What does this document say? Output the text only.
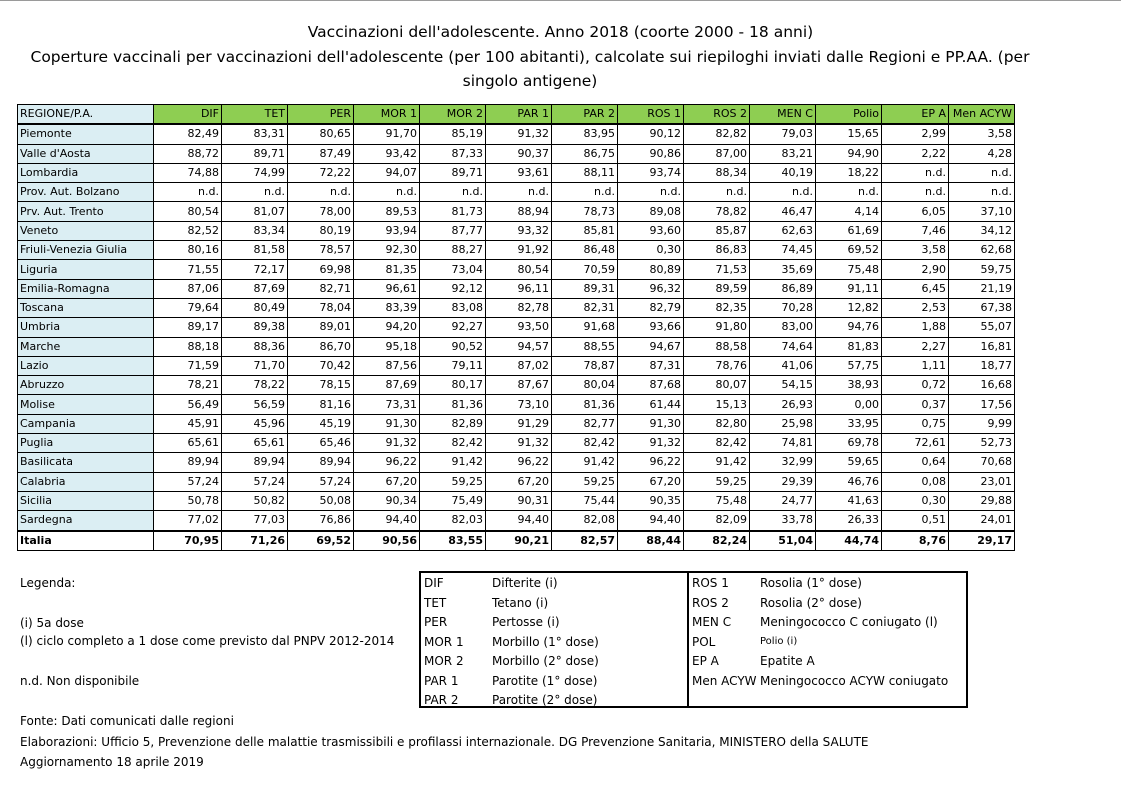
Vaccinazioni dell'adolescente. Anno 2018 (coorte 2000 - 18 anni)
Coperture vaccinali per vaccinazioni dell'adolescente (per 100 abitanti), calcolate sui riepiloghi inviati dalle Regioni e PP.AA. (per singolo antigene)
REGIONE/P.A.	DIF	TET	PER	MOR 1	MOR 2	PAR 1	PAR 2	ROS 1	ROS 2	MEN C	Polio	EP A	Men ACYW
Piemonte	82,49	83,31	80,65	91,70	85,19	91,32	83,95	90,12	82,82	79,03	15,65	2,99	3,58
Valle d'Aosta	88,72	89,71	87,49	93,42	87,33	90,37	86,75	90,86	87,00	83,21	94,90	2,22	4,28
Lombardia	74,88	74,99	72,22	94,07	89,71	93,61	88,11	93,74	88,34	40,19	18,22	n.d.	n.d.
Prov. Aut. Bolzano	n.d.	n.d.	n.d.	n.d.	n.d.	n.d.	n.d.	n.d.	n.d.	n.d.	n.d.	n.d.	n.d.
Prv. Aut. Trento	80,54	81,07	78,00	89,53	81,73	88,94	78,73	89,08	78,82	46,47	4,14	6,05	37,10
Veneto	82,52	83,34	80,19	93,94	87,77	93,32	85,81	93,60	85,87	62,63	61,69	7,46	34,12
Friuli-Venezia Giulia	80,16	81,58	78,57	92,30	88,27	91,92	86,48	0,30	86,83	74,45	69,52	3,58	62,68
Liguria	71,55	72,17	69,98	81,35	73,04	80,54	70,59	80,89	71,53	35,69	75,48	2,90	59,75
Emilia-Romagna	87,06	87,69	82,71	96,61	92,12	96,11	89,31	96,32	89,59	86,89	91,11	6,45	21,19
Toscana	79,64	80,49	78,04	83,39	83,08	82,78	82,31	82,79	82,35	70,28	12,82	2,53	67,38
Umbria	89,17	89,38	89,01	94,20	92,27	93,50	91,68	93,66	91,80	83,00	94,76	1,88	55,07
Marche	88,18	88,36	86,70	95,18	90,52	94,57	88,55	94,67	88,58	74,64	81,83	2,27	16,81
Lazio	71,59	71,70	70,42	87,56	79,11	87,02	78,87	87,31	78,76	41,06	57,75	1,11	18,77
Abruzzo	78,21	78,22	78,15	87,69	80,17	87,67	80,04	87,68	80,07	54,15	38,93	0,72	16,68
Molise	56,49	56,59	81,16	73,31	81,36	73,10	81,36	61,44	15,13	26,93	0,00	0,37	17,56
Campania	45,91	45,96	45,19	91,30	82,89	91,29	82,77	91,30	82,80	25,98	33,95	0,75	9,99
Puglia	65,61	65,61	65,46	91,32	82,42	91,32	82,42	91,32	82,42	74,81	69,78	72,61	52,73
Basilicata	89,94	89,94	89,94	96,22	91,42	96,22	91,42	96,22	91,42	32,99	59,65	0,64	70,68
Calabria	57,24	57,24	57,24	67,20	59,25	67,20	59,25	67,20	59,25	29,39	46,76	0,08	23,01
Sicilia	50,78	50,82	50,08	90,34	75,49	90,31	75,44	90,35	75,48	24,77	41,63	0,30	29,88
Sardegna	77,02	77,03	76,86	94,40	82,03	94,40	82,08	94,40	82,09	33,78	26,33	0,51	24,01
Italia	70,95	71,26	69,52	90,56	83,55	90,21	82,57	88,44	82,24	51,04	44,74	8,76	29,17
Legenda:
(i) 5a dose
(l) ciclo completo a 1 dose come previsto dal PNPV 2012-2014
n.d. Non disponibile
DIF	Difterite (i)
TET	Tetano (i)
PER	Pertosse (i)
MOR 1 Morbillo (1° dose)
MOR 2 Morbillo (2° dose)
PAR 1	Parotite (1° dose)
PAR 2	Parotite (2° dose)
ROS 1	Rosolia (1° dose)
ROS 2	Rosolia (2° dose)
MEN C Meningococco C coniugato (l)
POL	Polio (i)
EP A	Epatite A
Men ACYW Meningococco ACYW coniugato
Fonte: Dati comunicati dalle regioni
Elaborazioni: Ufficio 5, Prevenzione delle malattie trasmissibili e profilassi internazionale. DG Prevenzione Sanitaria, MINISTERO della SALUTE
Aggiornamento 18 aprile 2019
